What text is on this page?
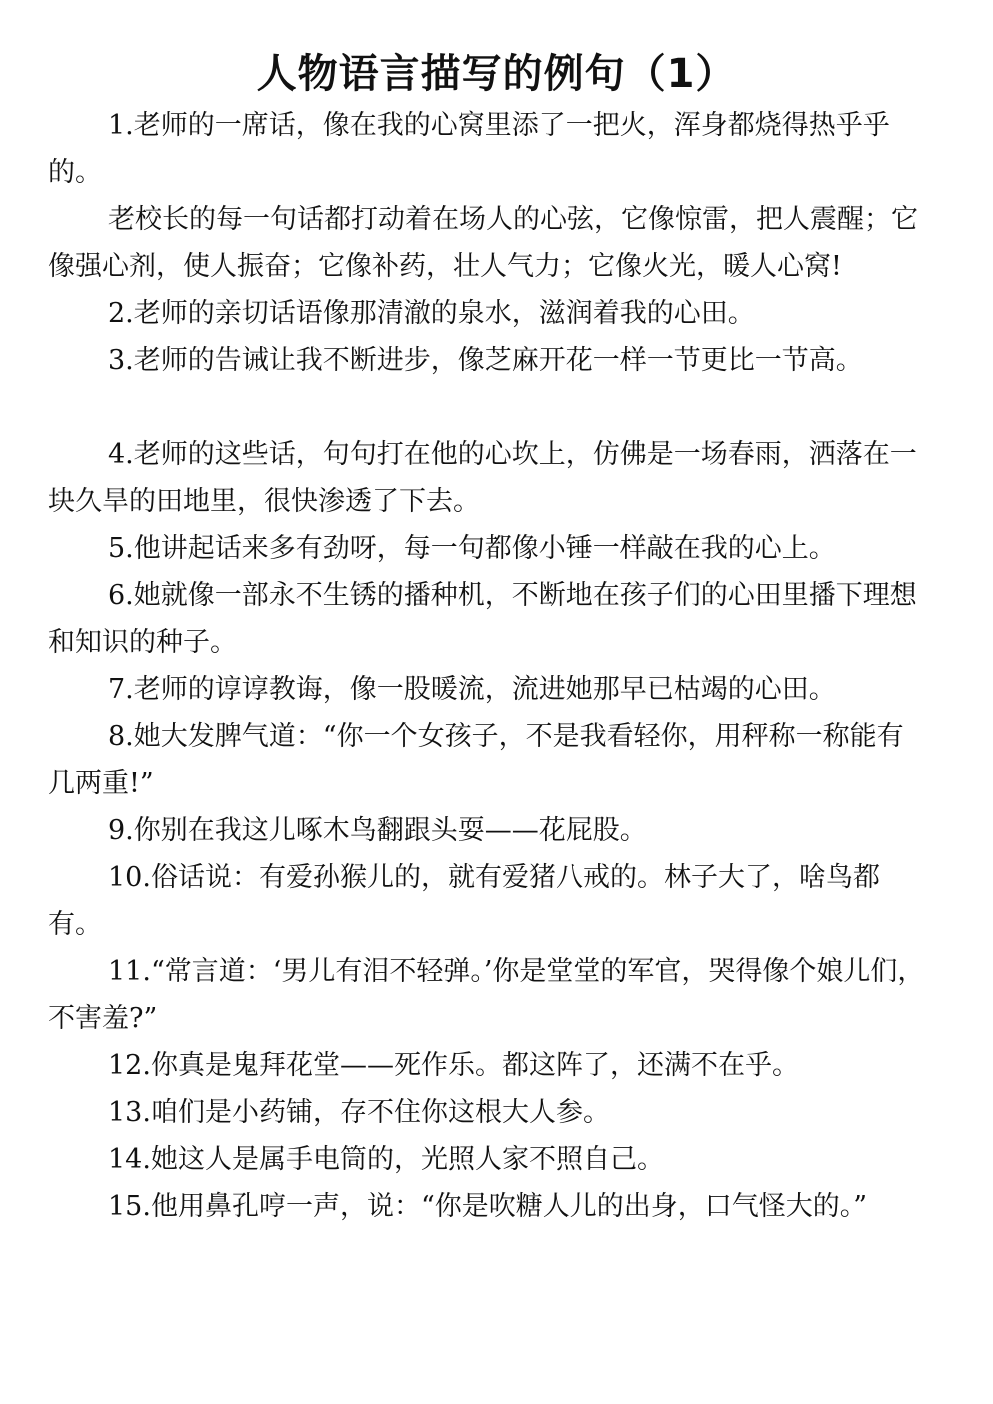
人物语言描写的例句（1）

1.老师的一席话，像在我的心窝里添了一把火，浑身都烧得热乎乎的。

老校长的每一句话都打动着在场人的心弦，它像惊雷，把人震醒；它像强心剂，使人振奋；它像补药，壮人气力；它像火光，暖人心窝!

2.老师的亲切话语像那清澈的泉水，滋润着我的心田。

3.老师的告诫让我不断进步，像芝麻开花一样一节更比一节高。

4.老师的这些话，句句打在他的心坎上，仿佛是一场春雨，洒落在一块久旱的田地里，很快渗透了下去。

5.他讲起话来多有劲呀，每一句都像小锤一样敲在我的心上。

6.她就像一部永不生锈的播种机，不断地在孩子们的心田里播下理想和知识的种子。

7.老师的谆谆教诲，像一股暖流，流进她那早已枯竭的心田。

8.她大发脾气道：“你一个女孩子，不是我看轻你，用秤称一称能有几两重!”

9.你别在我这儿啄木鸟翻跟头耍——花屁股。

10.俗话说：有爱孙猴儿的，就有爱猪八戒的。林子大了，啥鸟都有。

11.“常言道：‘男儿有泪不轻弹。’你是堂堂的军官，哭得像个娘儿们，不害羞?”

12.你真是鬼拜花堂——死作乐。都这阵了，还满不在乎。

13.咱们是小药铺，存不住你这根大人参。

14.她这人是属手电筒的，光照人家不照自己。

15.他用鼻孔哼一声，说：“你是吹糖人儿的出身，口气怪大的。”
